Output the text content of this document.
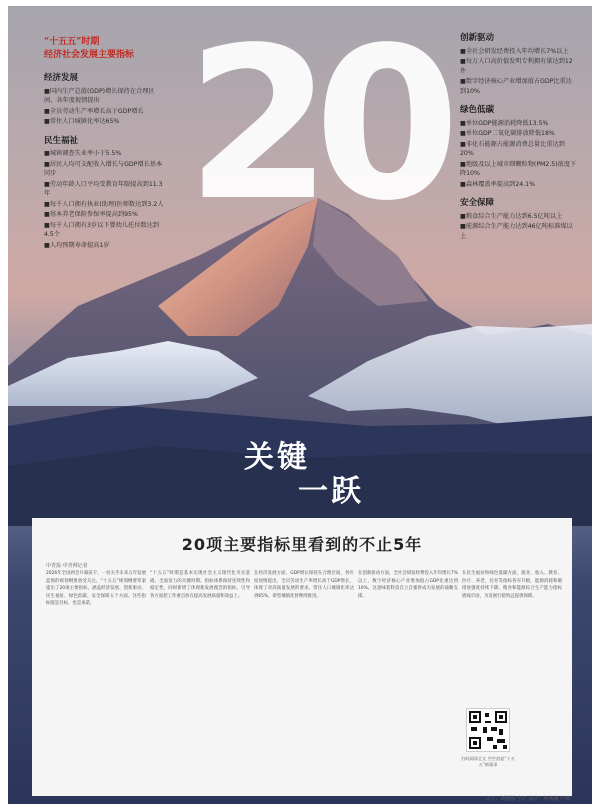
20
“十五五”时期
经济社会发展主要指标
经济发展
■国内生产总值(GDP)增长保持在合理区间、各年度视情提出
■全员劳动生产率增长高于GDP增长
■常住人口城镇化率达65%
民生福祉
■城镇调查失业率小于5.5%
■居民人均可支配收入增长与GDP增长基本同步
■劳动年龄人口平均受教育年限提高到11.3年
■每千人口拥有执业(助理)医师数达到3.2人
■基本养老保险参保率提高到95%
■每千人口拥有3岁以下婴幼儿托位数达到4.5个
■人均预期寿命提高1岁
创新驱动
■全社会研发经费投入年均增长7%以上
■每万人口高价值发明专利拥有量达到12件
■数字经济核心产业增加值占GDP比重达到10%
绿色低碳
■单位GDP能源消耗降低13.5%
■单位GDP二氧化碳排放降低18%
■非化石能源占能源消费总量比重达到20%
■地级及以上城市细颗粒物(PM2.5)浓度下降10%
■森林覆盖率提高到24.1%
安全保障
■粮食综合生产能力达到6.5亿吨以上
■能源综合生产能力达到46亿吨标准煤以上
关键
一跃
20项主要指标里看到的不止5年
中青报·中青网记者
2026年全国两会开幕前夕，一份关乎未来五年发展蓝图的规划纲要备受关注。“十五五”规划纲要草案提出了20项主要指标，涵盖经济发展、创新驱动、民生福祉、绿色低碳、安全保障五个方面。这些指标既是目标，也是承诺。
“十五五”时期是基本实现社会主义现代化夹实基础、全面发力的关键时期。指标体系保持连续性和稳定性，同时新增了体现新发展理念的指标，引导各方面把工作重点放在提高发展质量和效益上。
在经济发展方面，GDP增长保持在合理区间，各年度视情提出。全员劳动生产率增长高于GDP增长，体现了对高质量发展的要求。常住人口城镇化率达到65%，新型城镇化将继续推进。
在创新驱动方面，全社会研发经费投入年均增长7%以上，数字经济核心产业增加值占GDP比重达到10%。这意味着科技自立自强将成为发展的战略支撑。
在民生福祉和绿色低碳方面，就业、收入、教育、医疗、养老、托育等指标各有升级，能源消耗和碳排放强度持续下降。粮食和能源综合生产能力指标底线牢固，为发展行稳致远提供保障。
扫码阅读全文 空空浪起“十五五”新篇章
文字：刘强强 宁江 设计：林满满 卢琦
